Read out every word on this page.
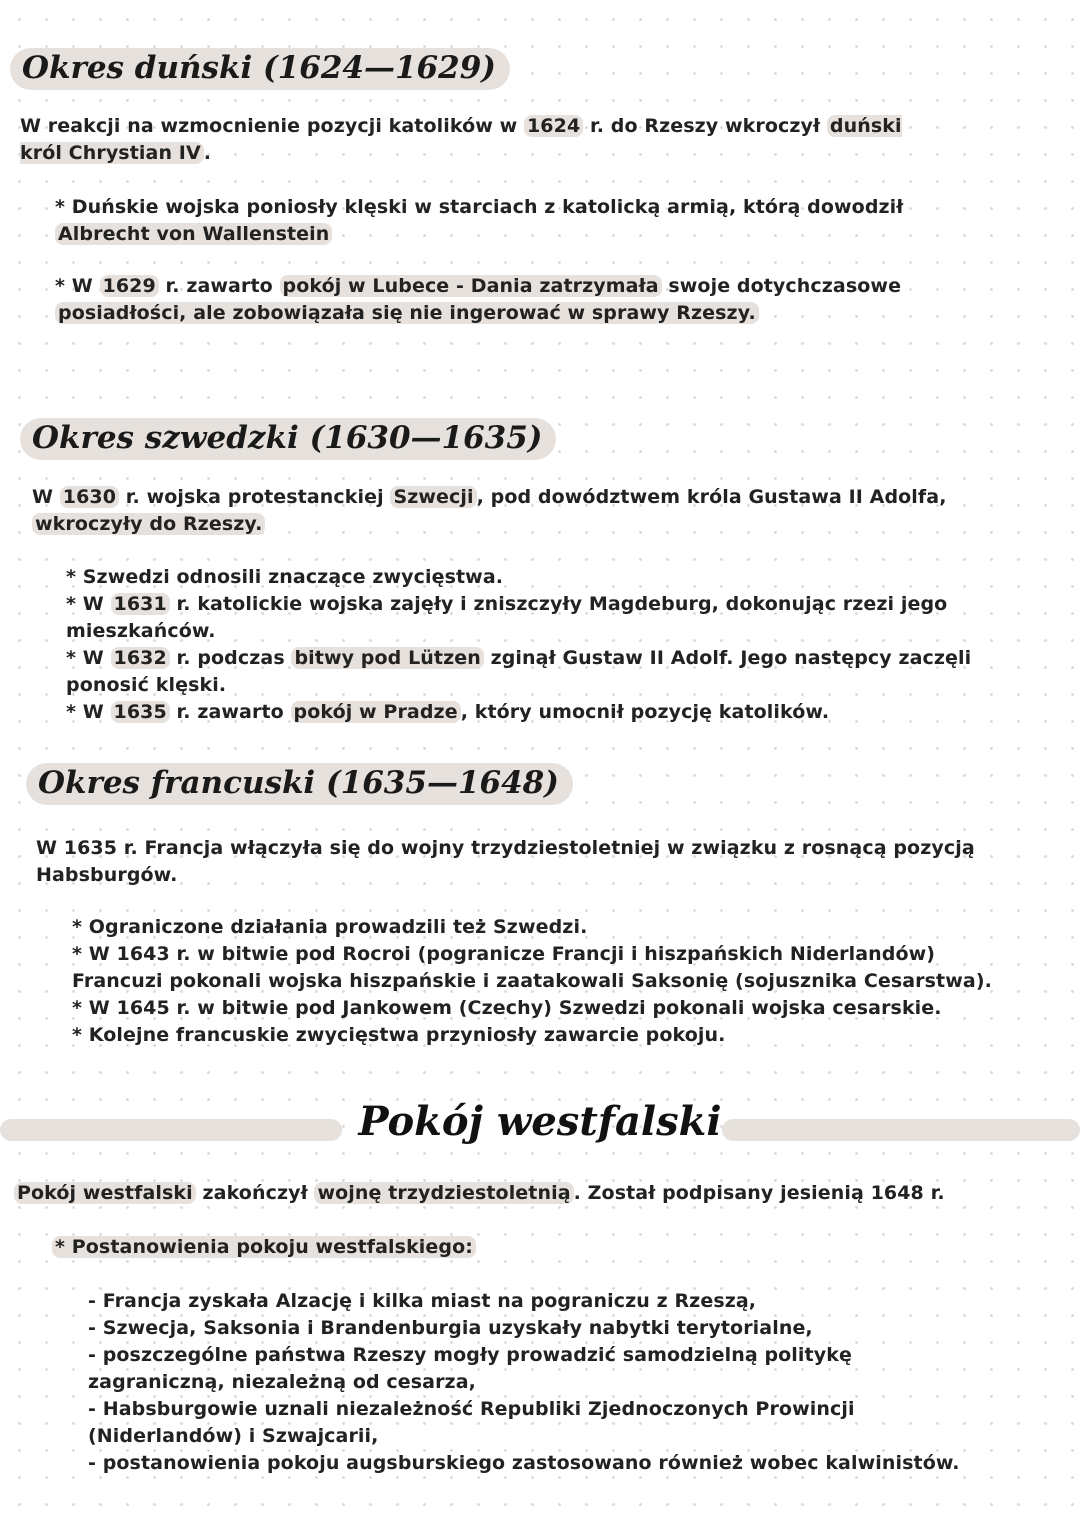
Okres duński (1624—1629)

W reakcji na wzmocnienie pozycji katolików w 1624 r. do Rzeszy wkroczył duński król Chrystian IV .

* Duńskie wojska poniosły klęski w starciach z katolicką armią, którą dowodził Albrecht von Wallenstein

* W 1629 r. zawarto pokój w Lubece - Dania zatrzymała swoje dotychczasowe posiadłości, ale zobowiązała się nie ingerować w sprawy Rzeszy.

Okres szwedzki (1630—1635)

W 1630 r. wojska protestanckiej Szwecji , pod dowództwem króla Gustawa II Adolfa, wkroczyły do Rzeszy.

* Szwedzi odnosili znaczące zwycięstwa.

* W 1631 r. katolickie wojska zajęły i zniszczyły Magdeburg, dokonując rzezi jego mieszkańców.

* W 1632 r. podczas bitwy pod Lützen zginął Gustaw II Adolf. Jego następcy zaczęli ponosić klęski.

* W 1635 r. zawarto pokój w Pradze , który umocnił pozycję katolików.

Okres francuski (1635—1648)

W 1635 r. Francja włączyła się do wojny trzydziestoletniej w związku z rosnącą pozycją Habsburgów.

* Ograniczone działania prowadzili też Szwedzi.

* W 1643 r. w bitwie pod Rocroi (pogranicze Francji i hiszpańskich Niderlandów) Francuzi pokonali wojska hiszpańskie i zaatakowali Saksonię (sojusznika Cesarstwa).

* W 1645 r. w bitwie pod Jankowem (Czechy) Szwedzi pokonali wojska cesarskie.

* Kolejne francuskie zwycięstwa przyniosły zawarcie pokoju.

Pokój westfalski

Pokój westfalski zakończył wojnę trzydziestoletnią . Został podpisany jesienią 1648 r.

* Postanowienia pokoju westfalskiego:

- Francja zyskała Alzację i kilka miast na pograniczu z Rzeszą,

- Szwecja, Saksonia i Brandenburgia uzyskały nabytki terytorialne,

- poszczególne państwa Rzeszy mogły prowadzić samodzielną politykę zagraniczną, niezależną od cesarza,

- Habsburgowie uznali niezależność Republiki Zjednoczonych Prowincji (Niderlandów) i Szwajcarii,

- postanowienia pokoju augsburskiego zastosowano również wobec kalwinistów.
